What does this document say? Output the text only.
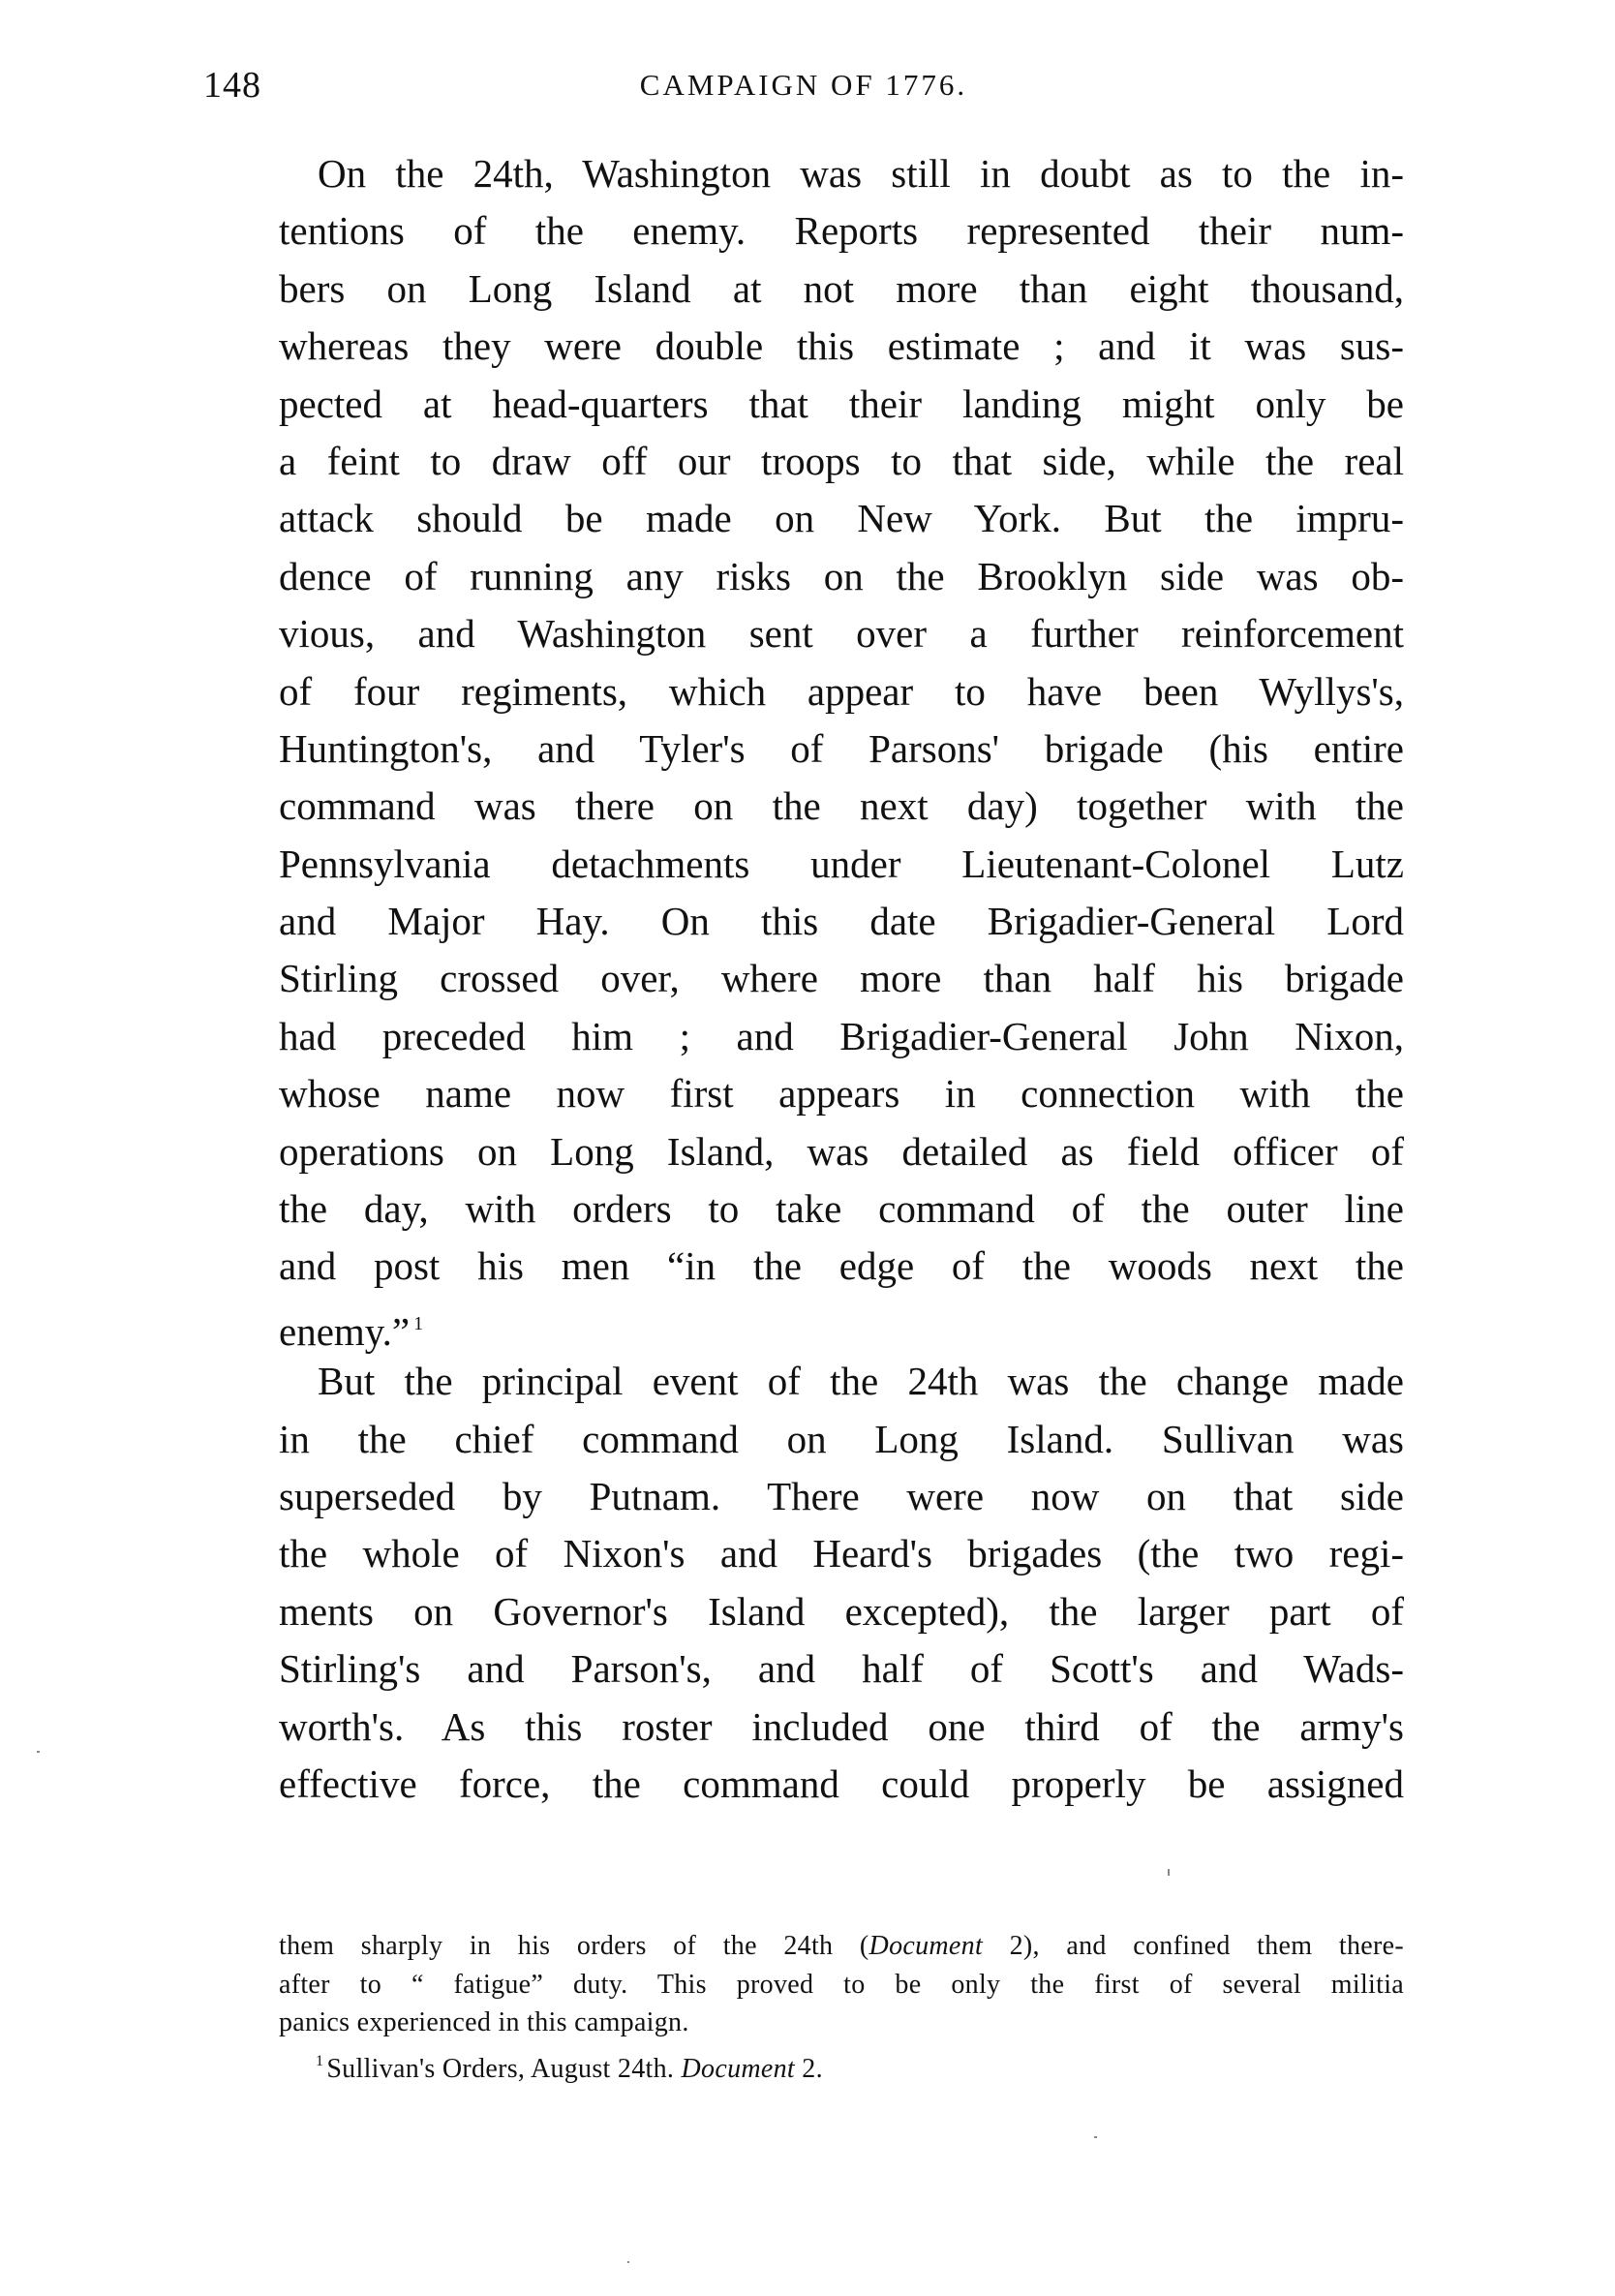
148	CAMPAIGN OF 1776.
On the 24th, Washington was still in doubt as to the in-
tentions of the enemy. Reports represented their num-
bers on Long Island at not more than eight thousand,
whereas they were double this estimate ; and it was sus-
pected at head-quarters that their landing might only be
a feint to draw off our troops to that side, while the real
attack should be made on New York. But the impru-
dence of running any risks on the Brooklyn side was ob-
vious, and Washington sent over a further reinforcement
of four regiments, which appear to have been Wyllys's,
Huntington's, and Tyler's of Parsons' brigade (his entire
command was there on the next day) together with the
Pennsylvania detachments under Lieutenant-Colonel Lutz
and Major Hay. On this date Brigadier-General Lord
Stirling crossed over, where more than half his brigade
had preceded him ; and Brigadier-General John Nixon,
whose name now first appears in connection with the
operations on Long Island, was detailed as field officer of
the day, with orders to take command of the outer line
and post his men “in the edge of the woods next the
enemy.” $^1$
But the principal event of the 24th was the change made
in the chief command on Long Island. Sullivan was
superseded by Putnam. There were now on that side
the whole of Nixon's and Heard's brigades (the two regi-
ments on Governor's Island excepted), the larger part of
Stirling's and Parson's, and half of Scott's and Wads-
worth's. As this roster included one third of the army's
effective force, the command could properly be assigned
them sharply in his orders of the 24th (Document 2), and confined them there-
after to “ fatigue” duty. This proved to be only the first of several militia
panics experienced in this campaign.
$^1$ Sullivan's Orders, August 24th. Document 2.
